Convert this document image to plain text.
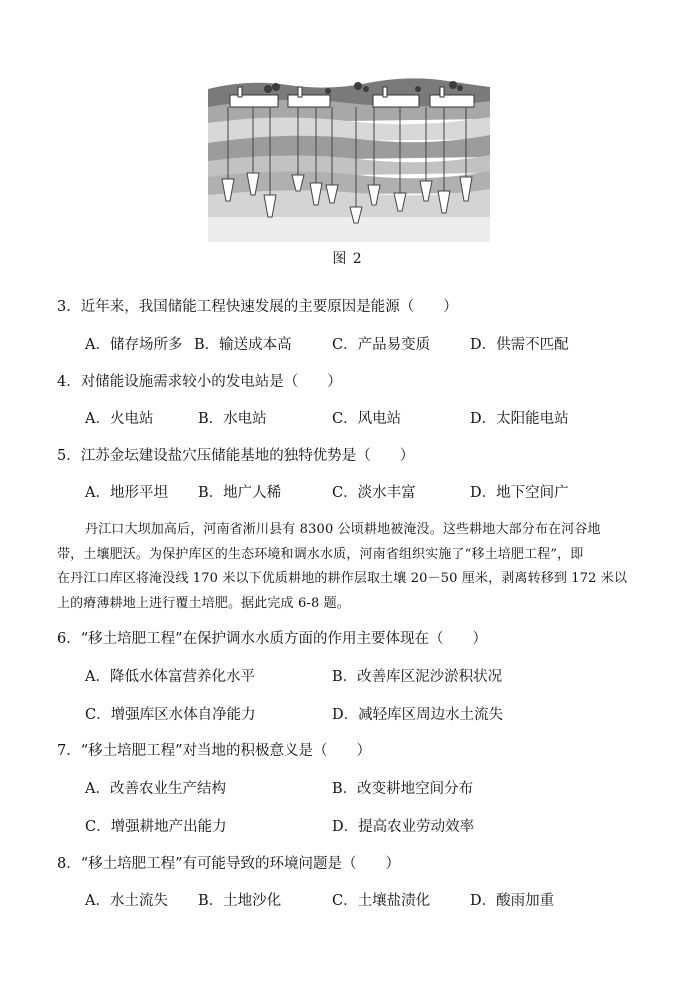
图 2
3．近年来，我国储能工程快速发展的主要原因是能源（　　）
A．储存场所多 B．输送成本高	C．产品易变质	D．供需不匹配
4．对储能设施需求较小的发电站是（　　）
A．火电站	B．水电站	C．风电站	D．太阳能电站
5．江苏金坛建设盐穴压储能基地的独特优势是（　　）
A．地形平坦 B．地广人稀	C．淡水丰富	D．地下空间广

丹江口大坝加高后，河南省淅川县有 8300 公顷耕地被淹没。这些耕地大部分布在河谷地

带，土壤肥沃。为保护库区的生态环境和调水水质，河南省组织实施了“移土培肥工程”，即

在丹江口库区将淹没线 170 米以下优质耕地的耕作层取土壤 20－50 厘米，剥离转移到 172 米以

上的瘠薄耕地上进行覆土培肥。据此完成 6-8 题。

6．“移土培肥工程”在保护调水水质方面的作用主要体现在（　　）
A．降低水体富营养化水平	B．改善库区泥沙淤积状况
C．增强库区水体自净能力	D．减轻库区周边水土流失
7．“移土培肥工程”对当地的积极意义是（　　）
A．改善农业生产结构	B．改变耕地空间分布
C．增强耕地产出能力	D．提高农业劳动效率
8．“移土培肥工程”有可能导致的环境问题是（　　）
A．水土流失 B．土地沙化	C．土壤盐渍化	D．酸雨加重
